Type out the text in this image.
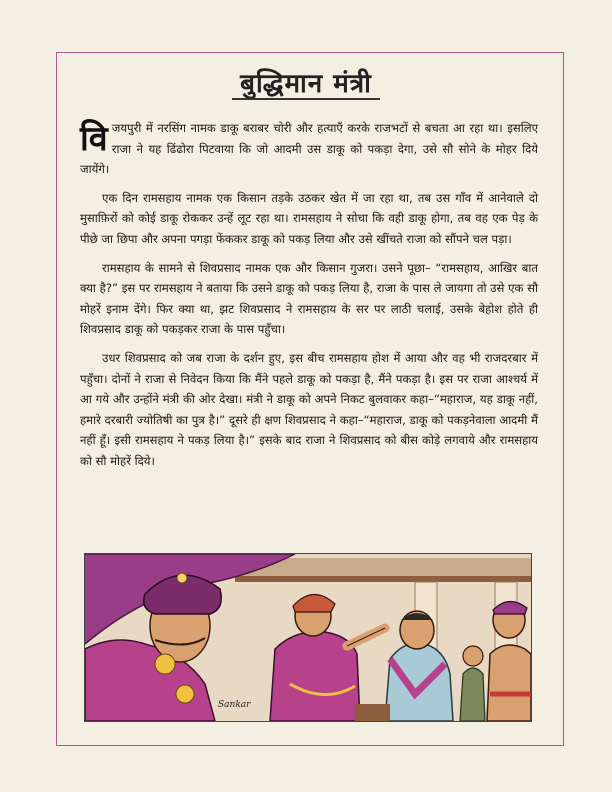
बुद्धिमान मंत्री

विजयपुरी में नरसिंग नामक डाकू बराबर चोरी और हत्याएँ करके राजभटों से बचता आ रहा था। इसलिए राजा ने यह ढिंढोरा पिटवाया कि जो आदमी उस डाकू को पकड़ा देगा, उसे सौ सोने के मोहर दिये जायेंगे।

एक दिन रामसहाय नामक एक किसान तड़के उठकर खेत में जा रहा था, तब उस गाँव में आनेवाले दो मुसाफ़िरों को कोई डाकू रोककर उन्हें लूट रहा था। रामसहाय ने सोचा कि वही डाकू होगा, तब वह एक पेड़ के पीछे जा छिपा और अपना पगड़ा फेंककर डाकू को पकड़ लिया और उसे खींचते राजा को सौंपने चल पड़ा।

रामसहाय के सामने से शिवप्रसाद नामक एक और किसान गुजरा। उसने पूछा– “रामसहाय, आखिर बात क्या है?” इस पर रामसहाय ने बताया कि उसने डाकू को पकड़ लिया है, राजा के पास ले जायगा तो उसे एक सौ मोहरें इनाम देंगे। फिर क्या था, झट शिवप्रसाद ने रामसहाय के सर पर लाठी चलाई, उसके बेहोश होते ही शिवप्रसाद डाकू को पकड़कर राजा के पास पहुँचा।

उधर शिवप्रसाद को जब राजा के दर्शन हुए, इस बीच रामसहाय होश में आया और वह भी राजदरबार में पहुँचा। दोनों ने राजा से निवेदन किया कि मैंने पहले डाकू को पकड़ा है, मैंने पकड़ा है। इस पर राजा आश्चर्य में आ गये और उन्होंने मंत्री की ओर देखा। मंत्री ने डाकू को अपने निकट बुलवाकर कहा–“महाराज, यह डाकू नहीं, हमारे दरबारी ज्योतिषी का पुत्र है।” दूसरे ही क्षण शिवप्रसाद ने कहा–“महाराज, डाकू को पकड़नेवाला आदमी मैं नहीं हूँ। इसी रामसहाय ने पकड़ लिया है।” इसके बाद राजा ने शिवप्रसाद को बीस कोड़े लगवाये और रामसहाय को सौ मोहरें दिये।

Sankar
